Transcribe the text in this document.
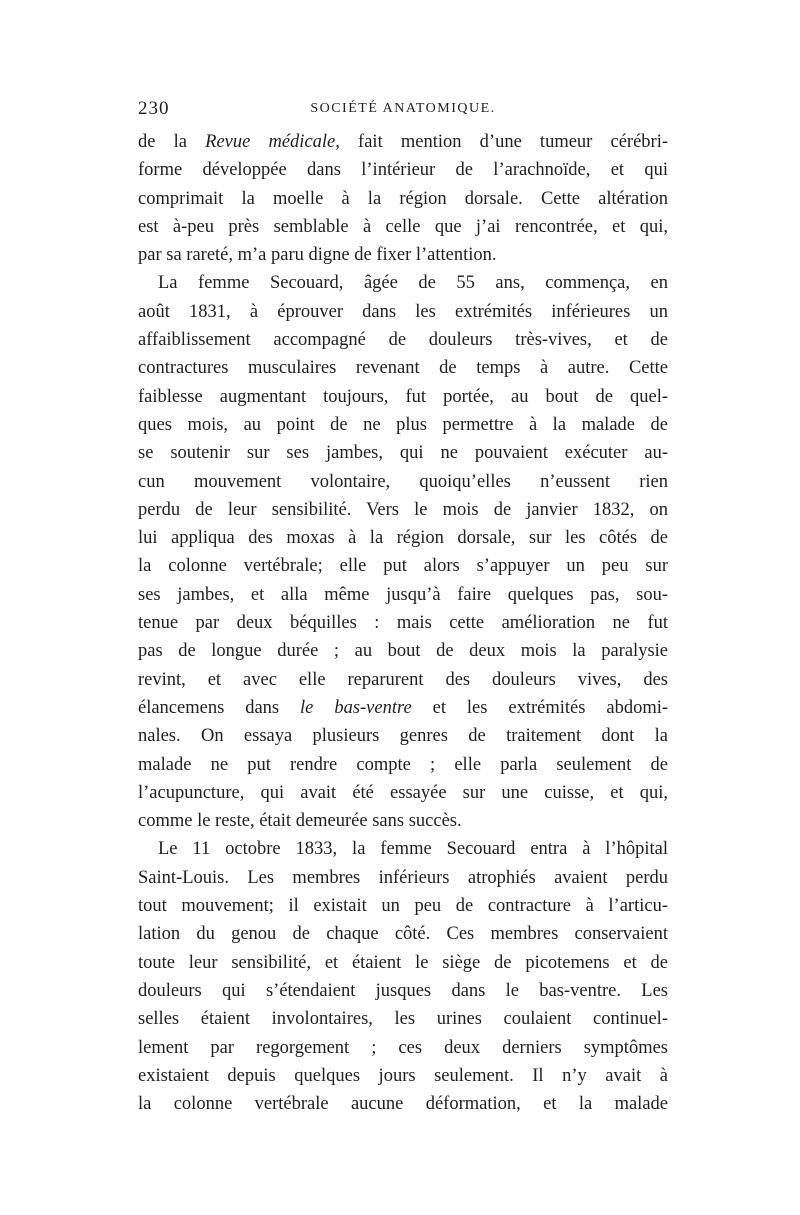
230	SOCIÉTÉ ANATOMIQUE.
de la Revue médicale, fait mention d’une tumeur cérébri-
forme développée dans l’intérieur de l’arachnoïde, et qui
comprimait la moelle à la région dorsale. Cette altération
est à-peu près semblable à celle que j’ai rencontrée, et qui,
par sa rareté, m’a paru digne de fixer l’attention.
La femme Secouard, âgée de 55 ans, commença, en
août 1831, à éprouver dans les extrémités inférieures un
affaiblissement accompagné de douleurs très-vives, et de
contractures musculaires revenant de temps à autre. Cette
faiblesse augmentant toujours, fut portée, au bout de quel-
ques mois, au point de ne plus permettre à la malade de
se soutenir sur ses jambes, qui ne pouvaient exécuter au-
cun mouvement volontaire, quoiqu’elles n’eussent rien
perdu de leur sensibilité. Vers le mois de janvier 1832, on
lui appliqua des moxas à la région dorsale, sur les côtés de
la colonne vertébrale; elle put alors s’appuyer un peu sur
ses jambes, et alla même jusqu’à faire quelques pas, sou-
tenue par deux béquilles : mais cette amélioration ne fut
pas de longue durée ; au bout de deux mois la paralysie
revint, et avec elle reparurent des douleurs vives, des
élancemens dans le bas-ventre et les extrémités abdomi-
nales. On essaya plusieurs genres de traitement dont la
malade ne put rendre compte ; elle parla seulement de
l’acupuncture, qui avait été essayée sur une cuisse, et qui,
comme le reste, était demeurée sans succès.
Le 11 octobre 1833, la femme Secouard entra à l’hôpital
Saint-Louis. Les membres inférieurs atrophiés avaient perdu
tout mouvement; il existait un peu de contracture à l’articu-
lation du genou de chaque côté. Ces membres conservaient
toute leur sensibilité, et étaient le siège de picotemens et de
douleurs qui s’étendaient jusques dans le bas-ventre. Les
selles étaient involontaires, les urines coulaient continuel-
lement par regorgement ; ces deux derniers symptômes
existaient depuis quelques jours seulement. Il n’y avait à
la colonne vertébrale aucune déformation, et la malade
